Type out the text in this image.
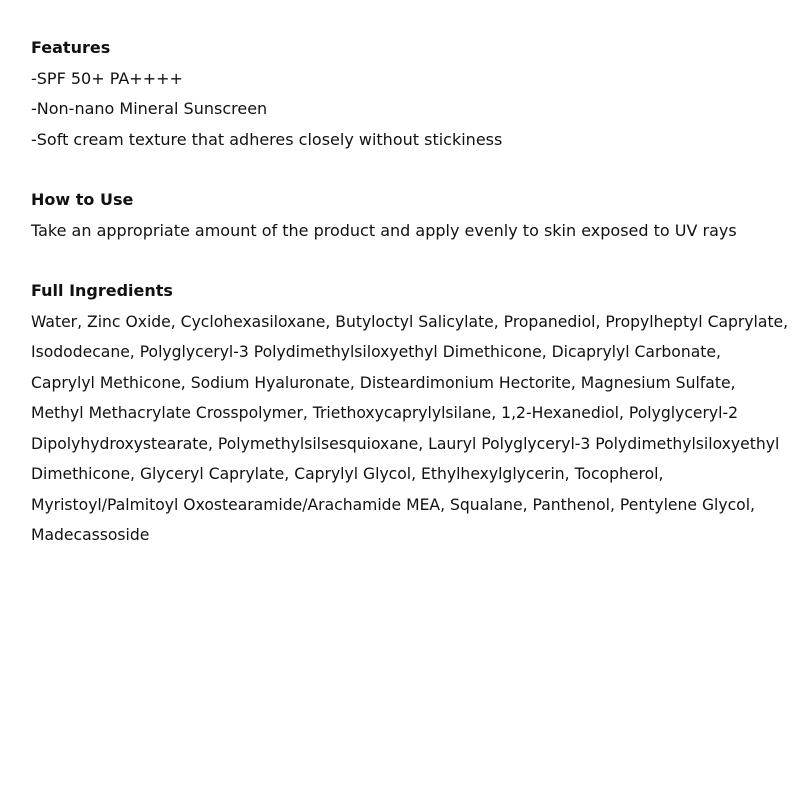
Features

-SPF 50+ PA++++

-Non-nano Mineral Sunscreen

-Soft cream texture that adheres closely without stickiness

How to Use

Take an appropriate amount of the product and apply evenly to skin exposed to UV rays

Full Ingredients

Water, Zinc Oxide, Cyclohexasiloxane, Butyloctyl Salicylate, Propanediol, Propylheptyl Caprylate,

Isododecane, Polyglyceryl-3 Polydimethylsiloxyethyl Dimethicone, Dicaprylyl Carbonate,

Caprylyl Methicone, Sodium Hyaluronate, Disteardimonium Hectorite, Magnesium Sulfate,

Methyl Methacrylate Crosspolymer, Triethoxycaprylylsilane, 1,2-Hexanediol, Polyglyceryl-2

Dipolyhydroxystearate, Polymethylsilsesquioxane, Lauryl Polyglyceryl-3 Polydimethylsiloxyethyl

Dimethicone, Glyceryl Caprylate, Caprylyl Glycol, Ethylhexylglycerin, Tocopherol,

Myristoyl/Palmitoyl Oxostearamide/Arachamide MEA, Squalane, Panthenol, Pentylene Glycol,

Madecassoside
